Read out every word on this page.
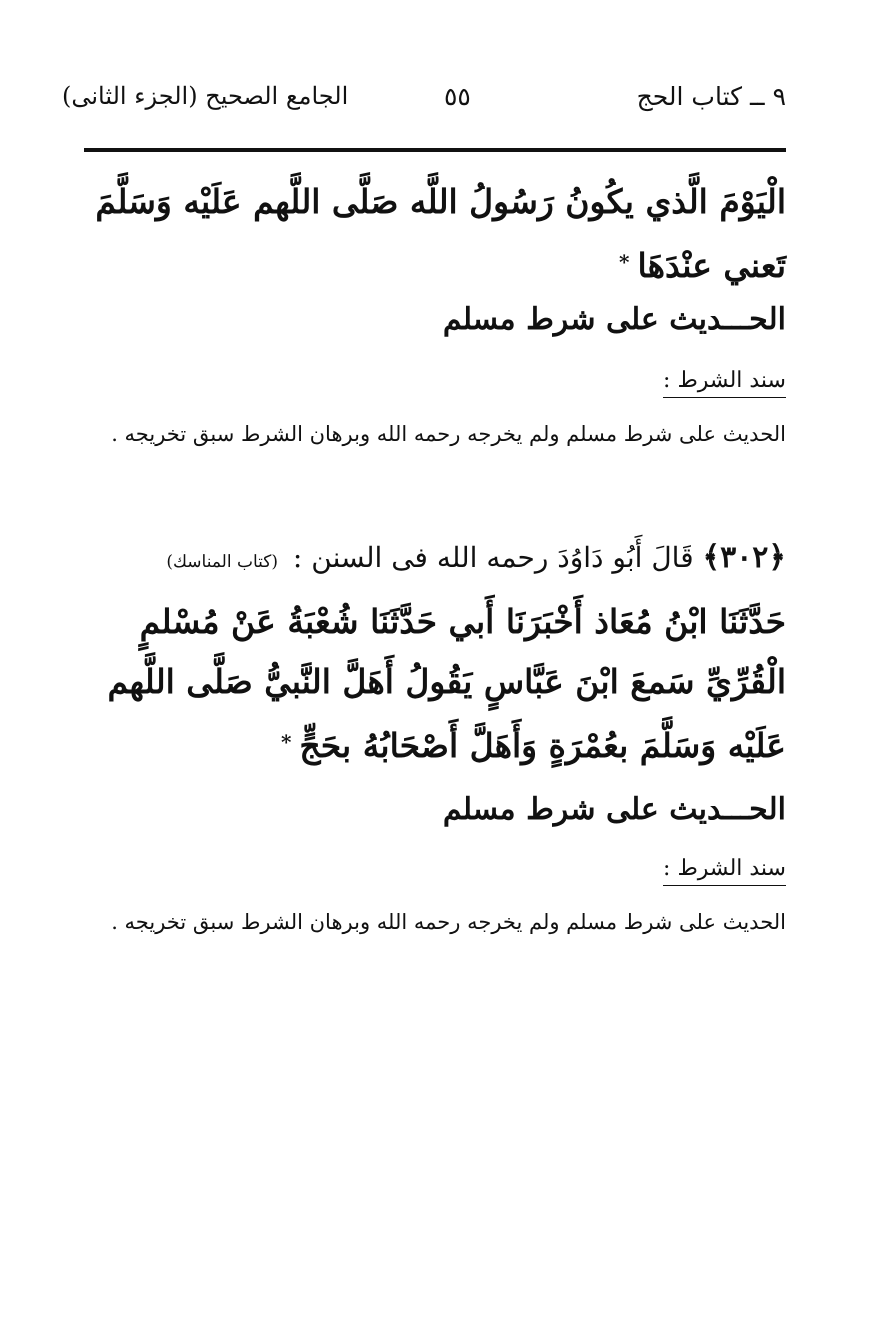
٩ ــ كتاب الحج
٥٥
الجامع الصحيح (الجزء الثانى)
الْيَوْمَ الَّذي يكُونُ رَسُولُ اللَّه صَلَّى اللَّهم عَلَيْه وَسَلَّمَ تَعني عنْدَهَا*
الحـــديث على شرط مسلم
سند الشرط :
الحديث على شرط مسلم ولم يخرجه رحمه الله وبرهان الشرط سبق تخريجه .
﴿٣٠٢﴾ قَالَ أَبُو دَاوُدَ رحمه الله فى السنن : (كتاب المناسك)
حَدَّثَنَا ابْنُ مُعَاذ أَخْبَرَنَا أَبي حَدَّثَنَا شُعْبَةُ عَنْ مُسْلمٍ الْقُرِّيِّ سَمعَ ابْنَ عَبَّاسٍ يَقُولُ أَهَلَّ النَّبيُّ صَلَّى اللَّهم عَلَيْه وَسَلَّمَ بعُمْرَةٍ وَأَهَلَّ أَصْحَابُهُ بحَجٍّ*
الحـــديث على شرط مسلم
سند الشرط :
الحديث على شرط مسلم ولم يخرجه رحمه الله وبرهان الشرط سبق تخريجه .
